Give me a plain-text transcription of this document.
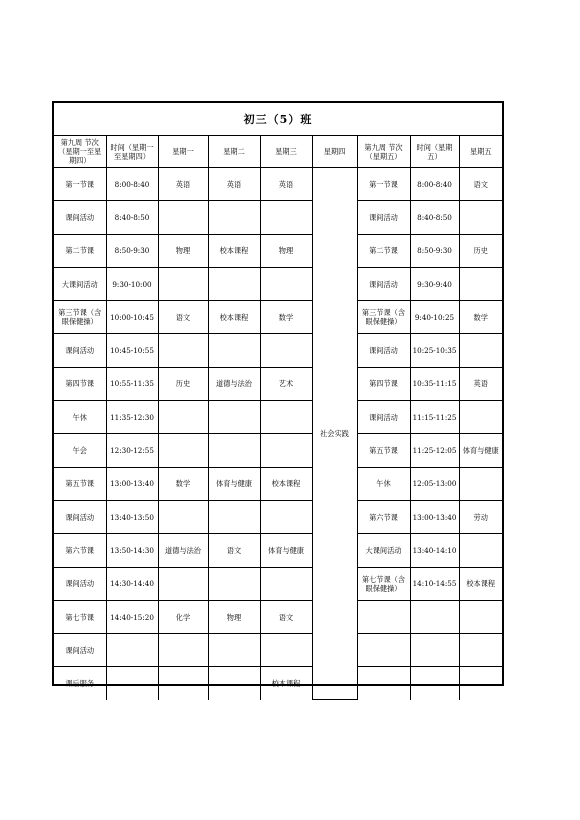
初三（5）班
第九周 节次（星期一至星期四）	时间（星期一至星期四）	星期一	星期二	星期三	星期四	第九周 节次（星期五）	时间（星期五）	星期五
第一节课	8:00-8:40	英语	英语	英语	社会实践	第一节课	8:00-8:40	语文
课间活动	8:40-8:50					课间活动	8:40-8:50	
第二节课	8:50-9:30	物理	校本课程	物理		第二节课	8:50-9:30	历史
大课间活动	9:30-10:00					课间活动	9:30-9:40	
第三节课（含眼保健操）	10:00-10:45	语文	校本课程	数学		第三节课（含眼保健操）	9:40-10:25	数学
课间活动	10:45-10:55					课间活动	10:25-10:35	
第四节课	10:55-11:35	历史	道德与法治	艺术		第四节课	10:35-11:15	英语
午休	11:35-12:30					课间活动	11:15-11:25	
午会	12:30-12:55					第五节课	11:25-12:05	体育与健康
第五节课	13:00-13:40	数学	体育与健康	校本课程		午休	12:05-13:00	
课间活动	13:40-13:50					第六节课	13:00-13:40	劳动
第六节课	13:50-14:30	道德与法治	语文	体育与健康		大课间活动	13:40-14:10	
课间活动	14:30-14:40					第七节课（含眼保健操）	14:10-14:55	校本课程
第七节课	14:40-15:20	化学	物理	语文				
课间活动								
课后服务				校本课程				
